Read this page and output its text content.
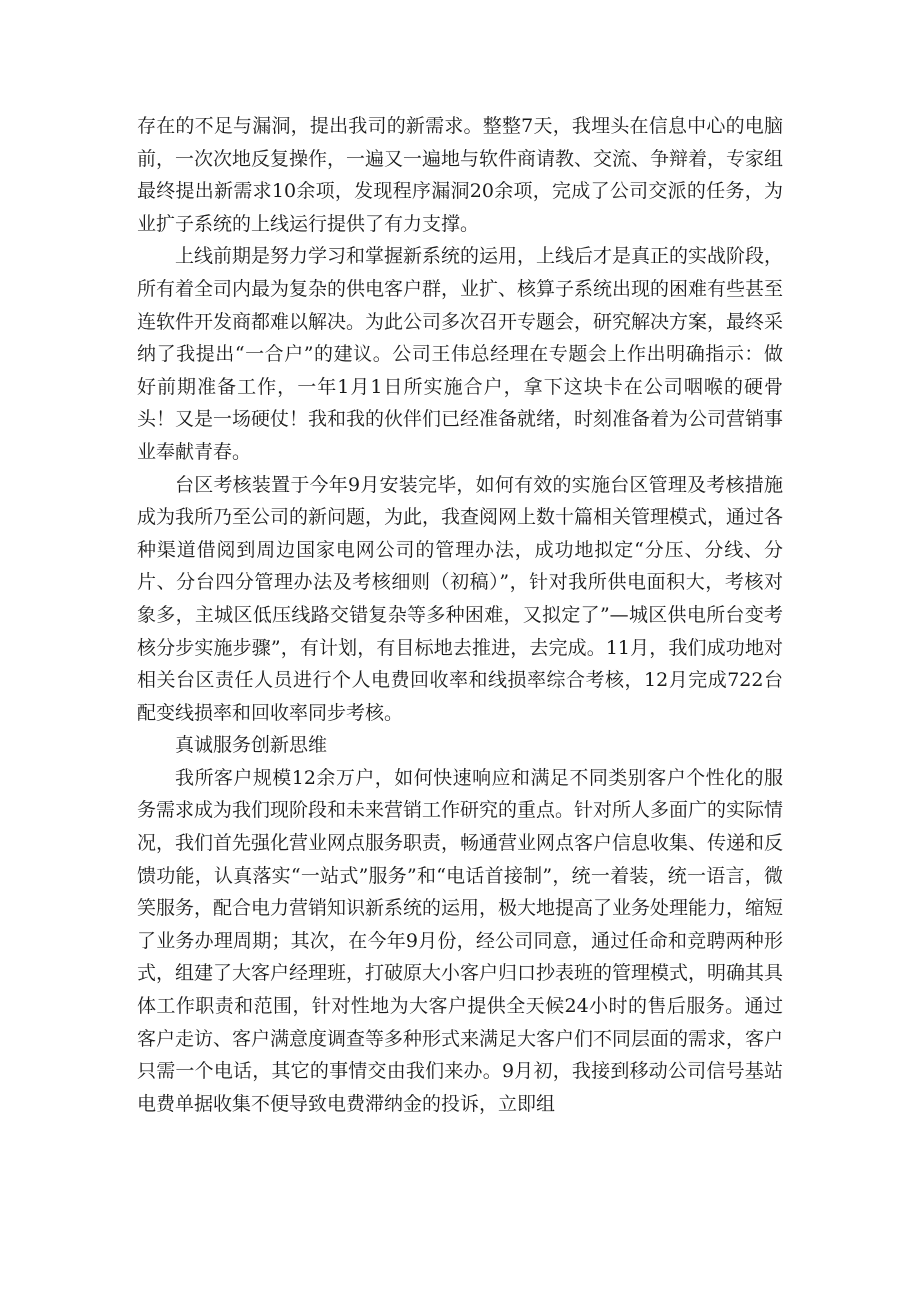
存在的不足与漏洞，提出我司的新需求。整整7天，我埋头在信息中心的电脑前，一次次地反复操作，一遍又一遍地与软件商请教、交流、争辩着，专家组最终提出新需求10余项，发现程序漏洞20余项，完成了公司交派的任务，为业扩子系统的上线运行提供了有力支撑。

上线前期是努力学习和掌握新系统的运用，上线后才是真正的实战阶段，所有着全司内最为复杂的供电客户群，业扩、核算子系统出现的困难有些甚至连软件开发商都难以解决。为此公司多次召开专题会，研究解决方案，最终采纳了我提出“一合户”的建议。公司王伟总经理在专题会上作出明确指示：做好前期准备工作，一年1月1日所实施合户，拿下这块卡在公司咽喉的硬骨头！又是一场硬仗！我和我的伙伴们已经准备就绪，时刻准备着为公司营销事业奉献青春。

台区考核装置于今年9月安装完毕，如何有效的实施台区管理及考核措施成为我所乃至公司的新问题，为此，我查阅网上数十篇相关管理模式，通过各种渠道借阅到周边国家电网公司的管理办法，成功地拟定“分压、分线、分片、分台四分管理办法及考核细则（初稿）”，针对我所供电面积大，考核对象多，主城区低压线路交错复杂等多种困难，又拟定了”—城区供电所台变考核分步实施步骤”，有计划，有目标地去推进，去完成。11月，我们成功地对相关台区责任人员进行个人电费回收率和线损率综合考核，12月完成722台配变线损率和回收率同步考核。

真诚服务创新思维

我所客户规模12余万户，如何快速响应和满足不同类别客户个性化的服务需求成为我们现阶段和未来营销工作研究的重点。针对所人多面广的实际情况，我们首先强化营业网点服务职责，畅通营业网点客户信息收集、传递和反馈功能，认真落实“一站式”服务”和“电话首接制”，统一着装，统一语言，微笑服务，配合电力营销知识新系统的运用，极大地提高了业务处理能力，缩短了业务办理周期；其次，在今年9月份，经公司同意，通过任命和竞聘两种形式，组建了大客户经理班，打破原大小客户归口抄表班的管理模式，明确其具体工作职责和范围，针对性地为大客户提供全天候24小时的售后服务。通过客户走访、客户满意度调查等多种形式来满足大客户们不同层面的需求，客户只需一个电话，其它的事情交由我们来办。9月初，我接到移动公司信号基站电费单据收集不便导致电费滞纳金的投诉，立即组
